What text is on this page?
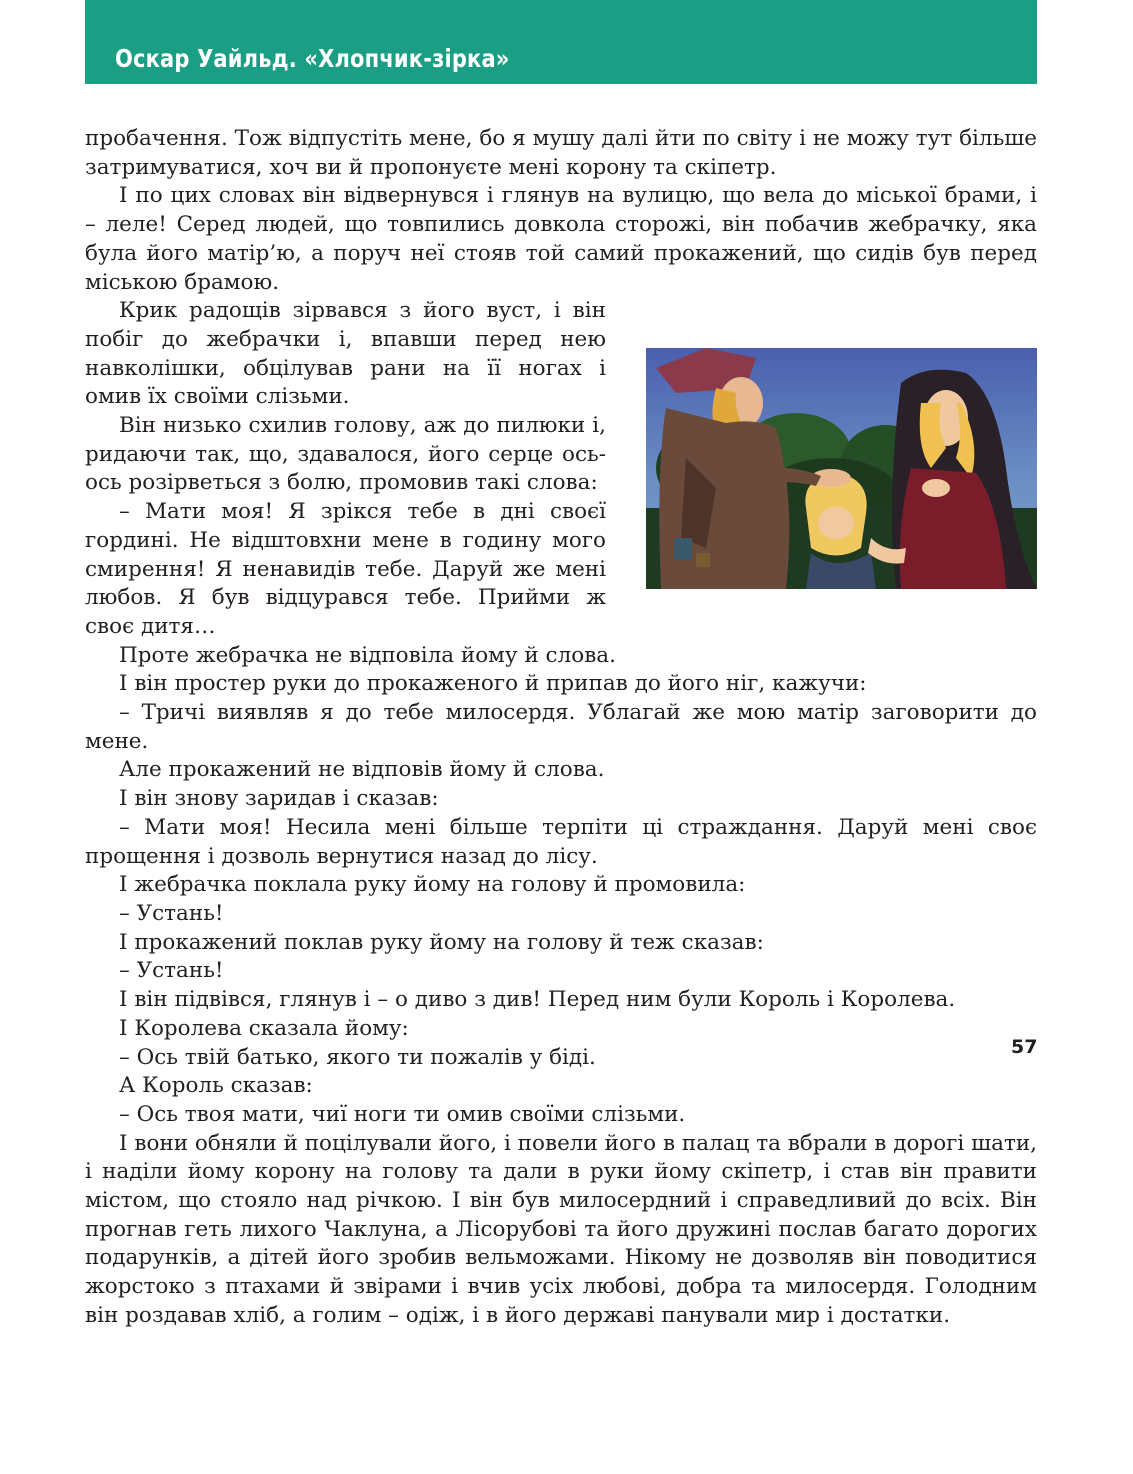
Оскар Уайльд. «Хлопчик-зірка»

пробачення. Тож відпустіть мене, бо я мушу далі йти по світу і не можу тут більше затримуватися, хоч ви й пропонуєте мені корону та скіпетр.

І по цих словах він відвернувся і глянув на вулицю, що вела до міської брами, і – леле! Серед людей, що товпились довкола сторожі, він побачив жебрачку, яка була його матір’ю, а поруч неї стояв той самий прокажений, що сидів був перед міською брамою.

Крик радощів зірвався з його вуст, і він побіг до жебрачки і, впавши перед нею навколішки, обцілував рани на її ногах і омив їх своїми слізьми.

Він низько схилив голову, аж до пилюки і, ридаючи так, що, здавалося, його серце ось-ось розірветься з болю, промовив такі слова:

– Мати моя! Я зрікся тебе в дні своєї гордині. Не відштовхни мене в годину мого смирення! Я ненавидів тебе. Даруй же мені любов. Я був відцурався тебе. Прийми ж своє дитя…

Проте жебрачка не відповіла йому й слова.

І він простер руки до прокаженого й припав до його ніг, кажучи:

– Тричі виявляв я до тебе милосердя. Ублагай же мою матір заговорити до мене.

Але прокажений не відповів йому й слова.

І він знову заридав і сказав:

– Мати моя! Несила мені більше терпіти ці страждання. Даруй мені своє прощення і дозволь вернутися назад до лісу.

І жебрачка поклала руку йому на голову й промовила:

– Устань!

І прокажений поклав руку йому на голову й теж сказав:

– Устань!

І він підвівся, глянув і – о диво з див! Перед ним були Король і Королева.

І Королева сказала йому:

– Ось твій батько, якого ти пожалів у біді.

А Король сказав:

– Ось твоя мати, чиї ноги ти омив своїми слізьми.

І вони обняли й поцілували його, і повели його в палац та вбрали в дорогі шати, і наділи йому корону на голову та дали в руки йому скіпетр, і став він правити містом, що стояло над річкою. І він був милосердний і справедливий до всіх. Він прогнав геть лихого Чаклуна, а Лісорубові та його дружині послав багато дорогих подарунків, а дітей його зробив вельможами. Нікому не дозволяв він поводитися жорстоко з птахами й звірами і вчив усіх любові, добра та милосердя. Голодним він роздавав хліб, а голим – одіж, і в його державі панували мир і достатки.

57
